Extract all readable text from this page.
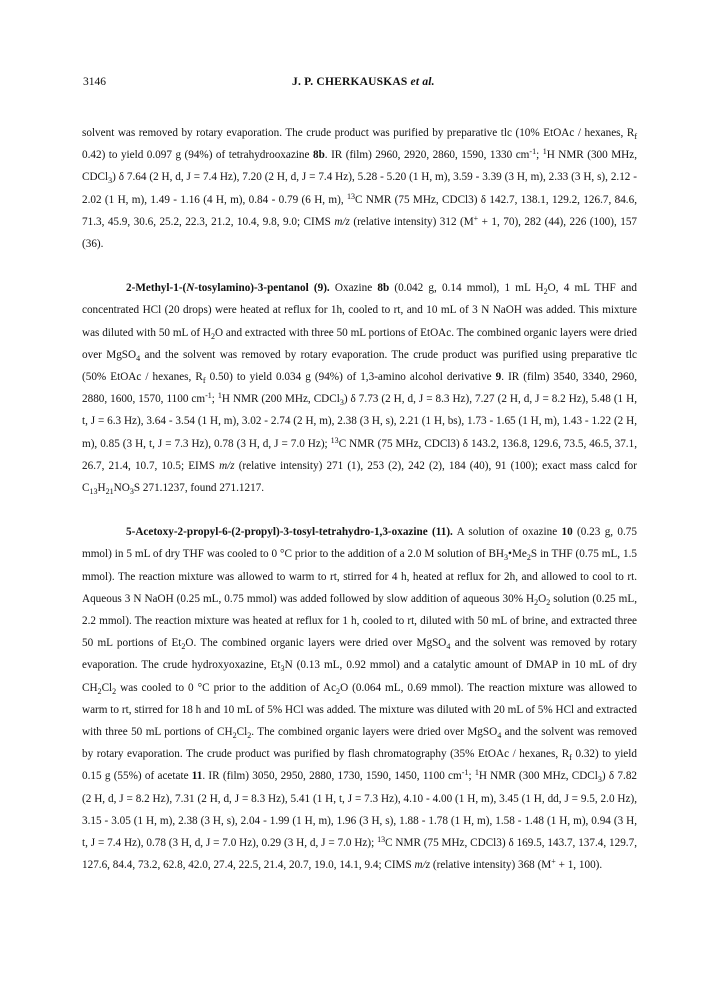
3146	J. P. CHERKAUSKAS et al.

solvent was removed by rotary evaporation. The crude product was purified by preparative tlc (10% EtOAc / hexanes, $R_f$ 0.42) to yield 0.097 g (94%) of tetrahydrooxazine 8b. IR (film) 2960, 2920, 2860, 1590, 1330 $cm^{-1}$; $^1$H NMR (300 MHz, CDCl$_3$) δ 7.64 (2 H, d, J = 7.4 Hz), 7.20 (2 H, d, J = 7.4 Hz), 5.28 - 5.20 (1 H, m), 3.59 - 3.39 (3 H, m), 2.33 (3 H, s), 2.12 - 2.02 (1 H, m), 1.49 - 1.16 (4 H, m), 0.84 - 0.79 (6 H, m), $^{13}$C NMR (75 MHz, CDCl3) δ 142.7, 138.1, 129.2, 126.7, 84.6, 71.3, 45.9, 30.6, 25.2, 22.3, 21.2, 10.4, 9.8, 9.0; CIMS m/z (relative intensity) 312 (M+ + 1, 70), 282 (44), 226 (100), 157 (36).

2-Methyl-1-(N-tosylamino)-3-pentanol (9). Oxazine 8b (0.042 g, 0.14 mmol), 1 mL $H_2O$, 4 mL THF and concentrated HCl (20 drops) were heated at reflux for 1h, cooled to rt, and 10 mL of 3 N NaOH was added. This mixture was diluted with 50 mL of $H_2O$ and extracted with three 50 mL portions of EtOAc. The combined organic layers were dried over MgSO$_4$ and the solvent was removed by rotary evaporation. The crude product was purified using preparative tlc (50% EtOAc / hexanes, $R_f$ 0.50) to yield 0.034 g (94%) of 1,3-amino alcohol derivative 9. IR (film) 3540, 3340, 2960, 2880, 1600, 1570, 1100 $cm^{-1}$; $^1$H NMR (200 MHz, CDCl$_3$) δ 7.73 (2 H, d, J = 8.3 Hz), 7.27 (2 H, d, J = 8.2 Hz), 5.48 (1 H, t, J = 6.3 Hz), 3.64 - 3.54 (1 H, m), 3.02 - 2.74 (2 H, m), 2.38 (3 H, s), 2.21 (1 H, bs), 1.73 - 1.65 (1 H, m), 1.43 - 1.22 (2 H, m), 0.85 (3 H, t, J = 7.3 Hz), 0.78 (3 H, d, J = 7.0 Hz); $^{13}$C NMR (75 MHz, CDCl3) δ 143.2, 136.8, 129.6, 73.5, 46.5, 37.1, 26.7, 21.4, 10.7, 10.5; EIMS m/z (relative intensity) 271 (1), 253 (2), 242 (2), 184 (40), 91 (100); exact mass calcd for $C_{13}H_{21}NO_3S$ 271.1237, found 271.1217.

5-Acetoxy-2-propyl-6-(2-propyl)-3-tosyl-tetrahydro-1,3-oxazine (11). A solution of oxazine 10 (0.23 g, 0.75 mmol) in 5 mL of dry THF was cooled to 0 °C prior to the addition of a 2.0 M solution of $BH_3•Me_2S$ in THF (0.75 mL, 1.5 mmol). The reaction mixture was allowed to warm to rt, stirred for 4 h, heated at reflux for 2h, and allowed to cool to rt. Aqueous 3 N NaOH (0.25 mL, 0.75 mmol) was added followed by slow addition of aqueous 30% $H_2O_2$ solution (0.25 mL, 2.2 mmol). The reaction mixture was heated at reflux for 1 h, cooled to rt, diluted with 50 mL of brine, and extracted three 50 mL portions of $Et_2O$. The combined organic layers were dried over MgSO$_4$ and the solvent was removed by rotary evaporation. The crude hydroxyoxazine, $Et_3N$ (0.13 mL, 0.92 mmol) and a catalytic amount of DMAP in 10 mL of dry $CH_2Cl_2$ was cooled to 0 °C prior to the addition of $Ac_2O$ (0.064 mL, 0.69 mmol). The reaction mixture was allowed to warm to rt, stirred for 18 h and 10 mL of 5% HCl was added. The mixture was diluted with 20 mL of 5% HCl and extracted with three 50 mL portions of $CH_2Cl_2$. The combined organic layers were dried over MgSO$_4$ and the solvent was removed by rotary evaporation. The crude product was purified by flash chromatography (35% EtOAc / hexanes, $R_f$ 0.32) to yield 0.15 g (55%) of acetate 11. IR (film) 3050, 2950, 2880, 1730, 1590, 1450, 1100 $cm^{-1}$; $^1$H NMR (300 MHz, CDCl$_3$) δ 7.82 (2 H, d, J = 8.2 Hz), 7.31 (2 H, d, J = 8.3 Hz), 5.41 (1 H, t, J = 7.3 Hz), 4.10 - 4.00 (1 H, m), 3.45 (1 H, dd, J = 9.5, 2.0 Hz), 3.15 - 3.05 (1 H, m), 2.38 (3 H, s), 2.04 - 1.99 (1 H, m), 1.96 (3 H, s), 1.88 - 1.78 (1 H, m), 1.58 - 1.48 (1 H, m), 0.94 (3 H, t, J = 7.4 Hz), 0.78 (3 H, d, J = 7.0 Hz), 0.29 (3 H, d, J = 7.0 Hz); $^{13}$C NMR (75 MHz, CDCl3) δ 169.5, 143.7, 137.4, 129.7, 127.6, 84.4, 73.2, 62.8, 42.0, 27.4, 22.5, 21.4, 20.7, 19.0, 14.1, 9.4; CIMS m/z (relative intensity) 368 (M+ + 1, 100).
